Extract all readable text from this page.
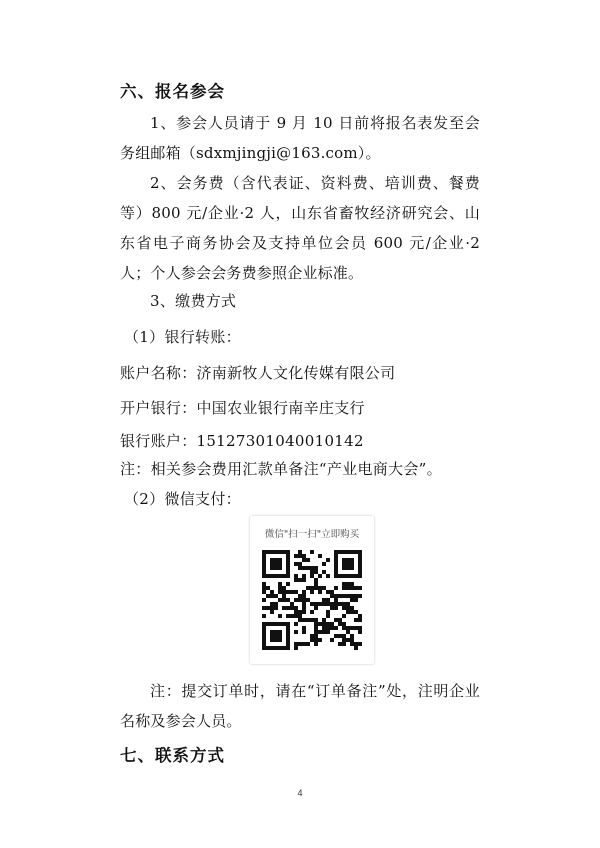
六、报名参会
1、参会人员请于 9 月 10 日前将报名表发至会务组邮箱（sdxmjingji@163.com）。
2、会务费（含代表证、资料费、培训费、餐费等）800 元/企业·2 人，山东省畜牧经济研究会、山东省电子商务协会及支持单位会员 600 元/企业·2 人；个人参会会务费参照企业标准。
3、缴费方式
（1）银行转账：
账户名称：济南新牧人文化传媒有限公司
开户银行：中国农业银行南辛庄支行
银行账户：15127301040010142
注：相关参会费用汇款单备注“产业电商大会”。
（2）微信支付：
微信"扫一扫"立即购买
注：提交订单时，请在“订单备注”处，注明企业名称及参会人员。
七、联系方式
4
